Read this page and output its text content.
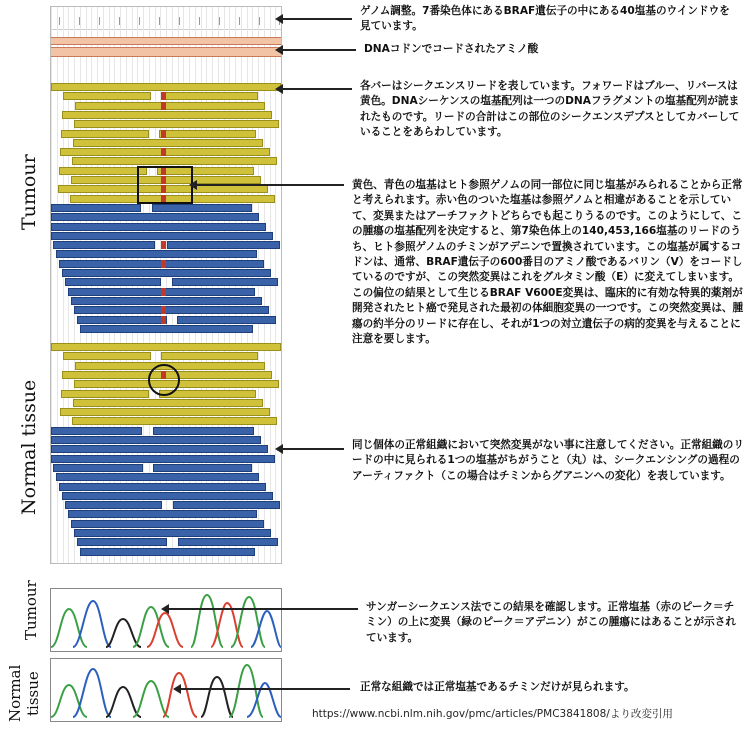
Tumour
Normal tissue
Tumour
Normal tissue
ゲノム調整。7番染色体にあるBRAF遺伝子の中にある40塩基のウインドウを見ています。
DNAコドンでコードされたアミノ酸
各バーはシークエンスリードを表しています。フォワードはブルー、リバースは黄色。DNAシーケンスの塩基配列は一つのDNAフラグメントの塩基配列が読まれたものです。リードの合計はこの部位のシークエンスデプスとしてカバーしていることをあらわしています。
黄色、青色の塩基はヒト参照ゲノムの同一部位に同じ塩基がみられることから正常と考えられます。赤い色のついた塩基は参照ゲノムと相違があることを示していて、変異またはアーチファクトどちらでも起こりうるのです。このようにして、この腫瘍の塩基配列を決定すると、第7染色体上の140,453,166塩基のリードのうち、ヒト参照ゲノムのチミンがアデニンで置換されています。この塩基が属するコドンは、通常、BRAF遺伝子の600番目のアミノ酸であるバリン（V）をコードしているのですが、この突然変異はこれをグルタミン酸（E）に変えてしまいます。この偏位の結果として生じるBRAF V600E変異は、臨床的に有効な特異的薬剤が開発されたヒト癌で発見された最初の体細胞変異の一つです。この突然変異は、腫瘍の約半分のリードに存在し、それが1つの対立遺伝子の病的変異を与えることに注意を要します。
同じ個体の正常組織において突然変異がない事に注意してください。正常組織のリードの中に見られる1つの塩基がちがうこと（丸）は、シークエンシングの過程のアーティファクト（この場合はチミンからグアニンへの変化）を表しています。
サンガーシークエンス法でこの結果を確認します。正常塩基（赤のピーク＝チミン）の上に変異（緑のピーク＝アデニン）がこの腫瘍にはあることが示されています。
正常な組織では正常塩基であるチミンだけが見られます。
https://www.ncbi.nlm.nih.gov/pmc/articles/PMC3841808/より改変引用
